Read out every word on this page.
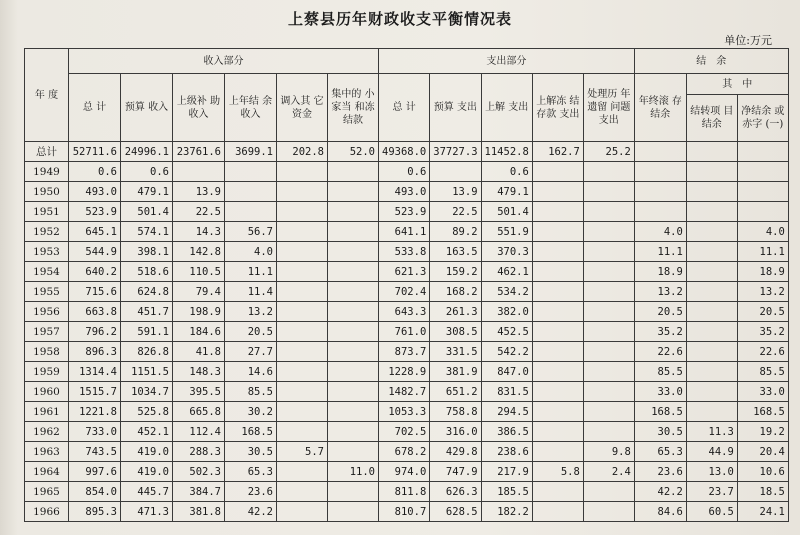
上蔡县历年财政收支平衡情况表
单位:万元
年 度	收入部分						支出部分					结　余		
	总 计	预算 收入	上级补 助收入	上年结 余收入	调入其 它资金	集中的 小家当 和冻 结款	总 计	预算 支出	上解 支出	上解冻 结存款 支出	处理历 年遗留 问题支出	年终滚 存结余	其　中	
													结转项 目结余	净结余 或赤字 (一)
总计	52711.6	24996.1	23761.6	3699.1	202.8	52.0	49368.0	37727.3	11452.8	162.7	25.2			
1949	0.6	0.6					0.6		0.6					
1950	493.0	479.1	13.9				493.0	13.9	479.1					
1951	523.9	501.4	22.5				523.9	22.5	501.4					
1952	645.1	574.1	14.3	56.7			641.1	89.2	551.9			4.0		4.0
1953	544.9	398.1	142.8	4.0			533.8	163.5	370.3			11.1		11.1
1954	640.2	518.6	110.5	11.1			621.3	159.2	462.1			18.9		18.9
1955	715.6	624.8	79.4	11.4			702.4	168.2	534.2			13.2		13.2
1956	663.8	451.7	198.9	13.2			643.3	261.3	382.0			20.5		20.5
1957	796.2	591.1	184.6	20.5			761.0	308.5	452.5			35.2		35.2
1958	896.3	826.8	41.8	27.7			873.7	331.5	542.2			22.6		22.6
1959	1314.4	1151.5	148.3	14.6			1228.9	381.9	847.0			85.5		85.5
1960	1515.7	1034.7	395.5	85.5			1482.7	651.2	831.5			33.0		33.0
1961	1221.8	525.8	665.8	30.2			1053.3	758.8	294.5			168.5		168.5
1962	733.0	452.1	112.4	168.5			702.5	316.0	386.5			30.5	11.3	19.2
1963	743.5	419.0	288.3	30.5	5.7		678.2	429.8	238.6		9.8	65.3	44.9	20.4
1964	997.6	419.0	502.3	65.3		11.0	974.0	747.9	217.9	5.8	2.4	23.6	13.0	10.6
1965	854.0	445.7	384.7	23.6			811.8	626.3	185.5			42.2	23.7	18.5
1966	895.3	471.3	381.8	42.2			810.7	628.5	182.2			84.6	60.5	24.1
